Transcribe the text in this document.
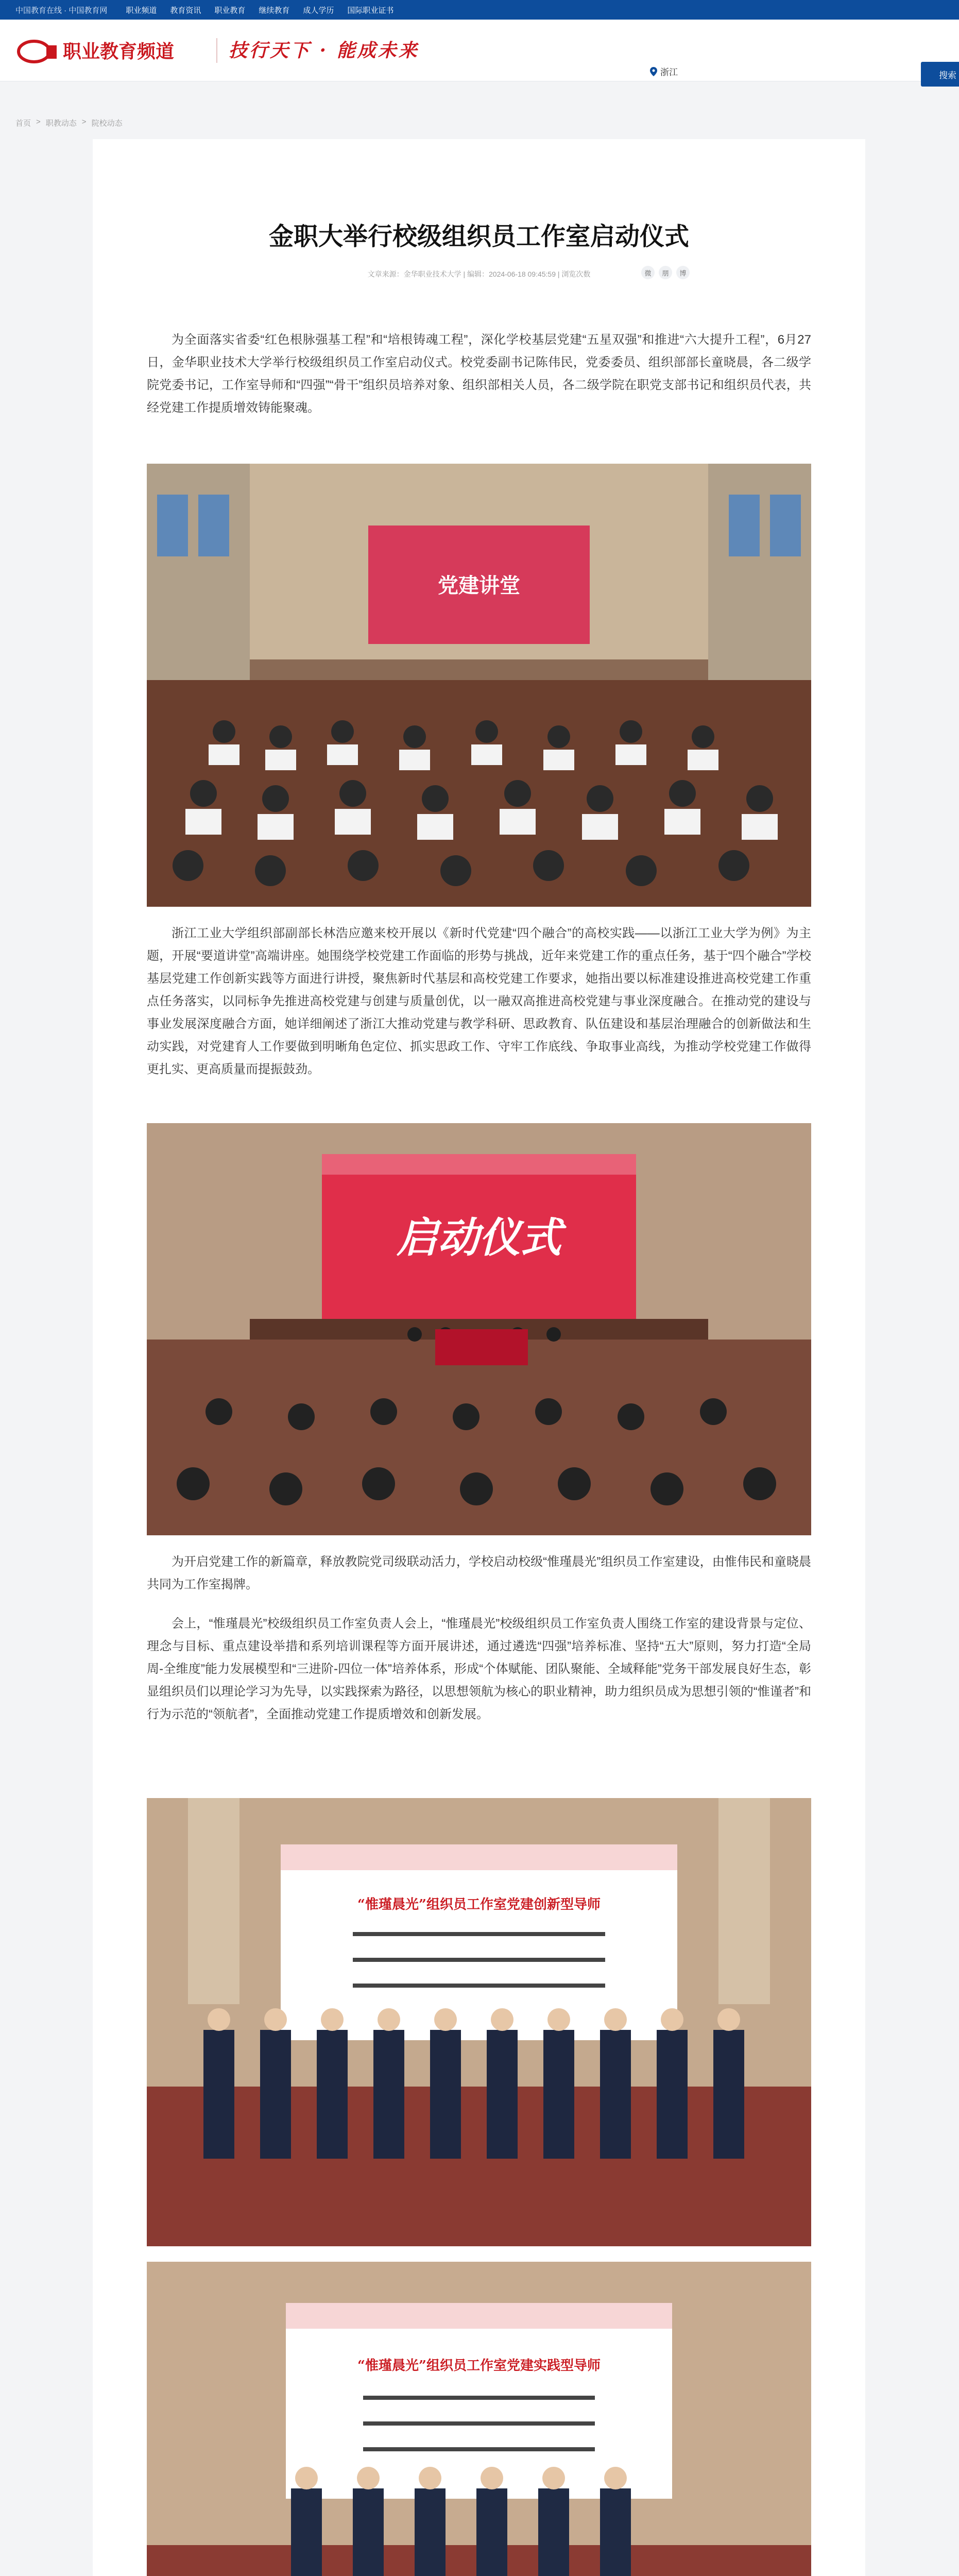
中国教育在线 · 中国教育网 职业频道 教育资讯 职业教育 继续教育 成人学历 国际职业证书
职业教育频道	技行天下 · 能成未来
浙江	搜索
首页 > 职教动态 > 院校动态
金职大举行校级组织员工作室启动仪式
文章来源：金华职业技术大学 | 编辑：2024-06-18 09:45:59 | 浏览次数	微	朋	博

为全面落实省委“红色根脉强基工程”和“培根铸魂工程”，深化学校基层党建“五星双强”和推进“六大提升工程”，6月27日，金华职业技术大学举行校级组织员工作室启动仪式。校党委副书记陈伟民，党委委员、组织部部长童晓晨，各二级学院党委书记，工作室导师和“四强”“骨干”组织员培养对象、组织部相关人员，各二级学院在职党支部书记和组织员代表，共经党建工作提质增效铸能聚魂。

党建讲堂

浙江工业大学组织部副部长林浩应邀来校开展以《新时代党建“四个融合”的高校实践——以浙江工业大学为例》为主题，开展“要道讲堂”高端讲座。她围绕学校党建工作面临的形势与挑战，近年来党建工作的重点任务，基于“四个融合”学校基层党建工作创新实践等方面进行讲授，聚焦新时代基层和高校党建工作要求，她指出要以标准建设推进高校党建工作重点任务落实，以同标争先推进高校党建与创建与质量创优，以一融双高推进高校党建与事业深度融合。在推动党的建设与事业发展深度融合方面，她详细阐述了浙江大推动党建与教学科研、思政教育、队伍建设和基层治理融合的创新做法和生动实践，对党建育人工作要做到明晰角色定位、抓实思政工作、守牢工作底线、争取事业高线，为推动学校党建工作做得更扎实、更高质量而提振鼓劲。

启动仪式

为开启党建工作的新篇章，释放教院党司级联动活力，学校启动校级“惟瑾晨光”组织员工作室建设，由惟伟民和童晓晨共同为工作室揭牌。

会上，“惟瑾晨光”校级组织员工作室负责人会上，“惟瑾晨光”校级组织员工作室负责人围绕工作室的建设背景与定位、理念与目标、重点建设举措和系列培训课程等方面开展讲述，通过遴选“四强”培养标准、坚持“五大”原则，努力打造“全局周-全维度”能力发展模型和“三进阶-四位一体”培养体系，形成“个体赋能、团队聚能、全域释能”党务干部发展良好生态，彰显组织员们以理论学习为先导，以实践探索为路径，以思想领航为核心的职业精神，助力组织员成为思想引领的“惟谨者”和行为示范的“领航者”，全面推动党建工作提质增效和创新发展。

“惟瑾晨光”组织员工作室党建创新型导师
“惟瑾晨光”组织员工作室党建实践型导师
